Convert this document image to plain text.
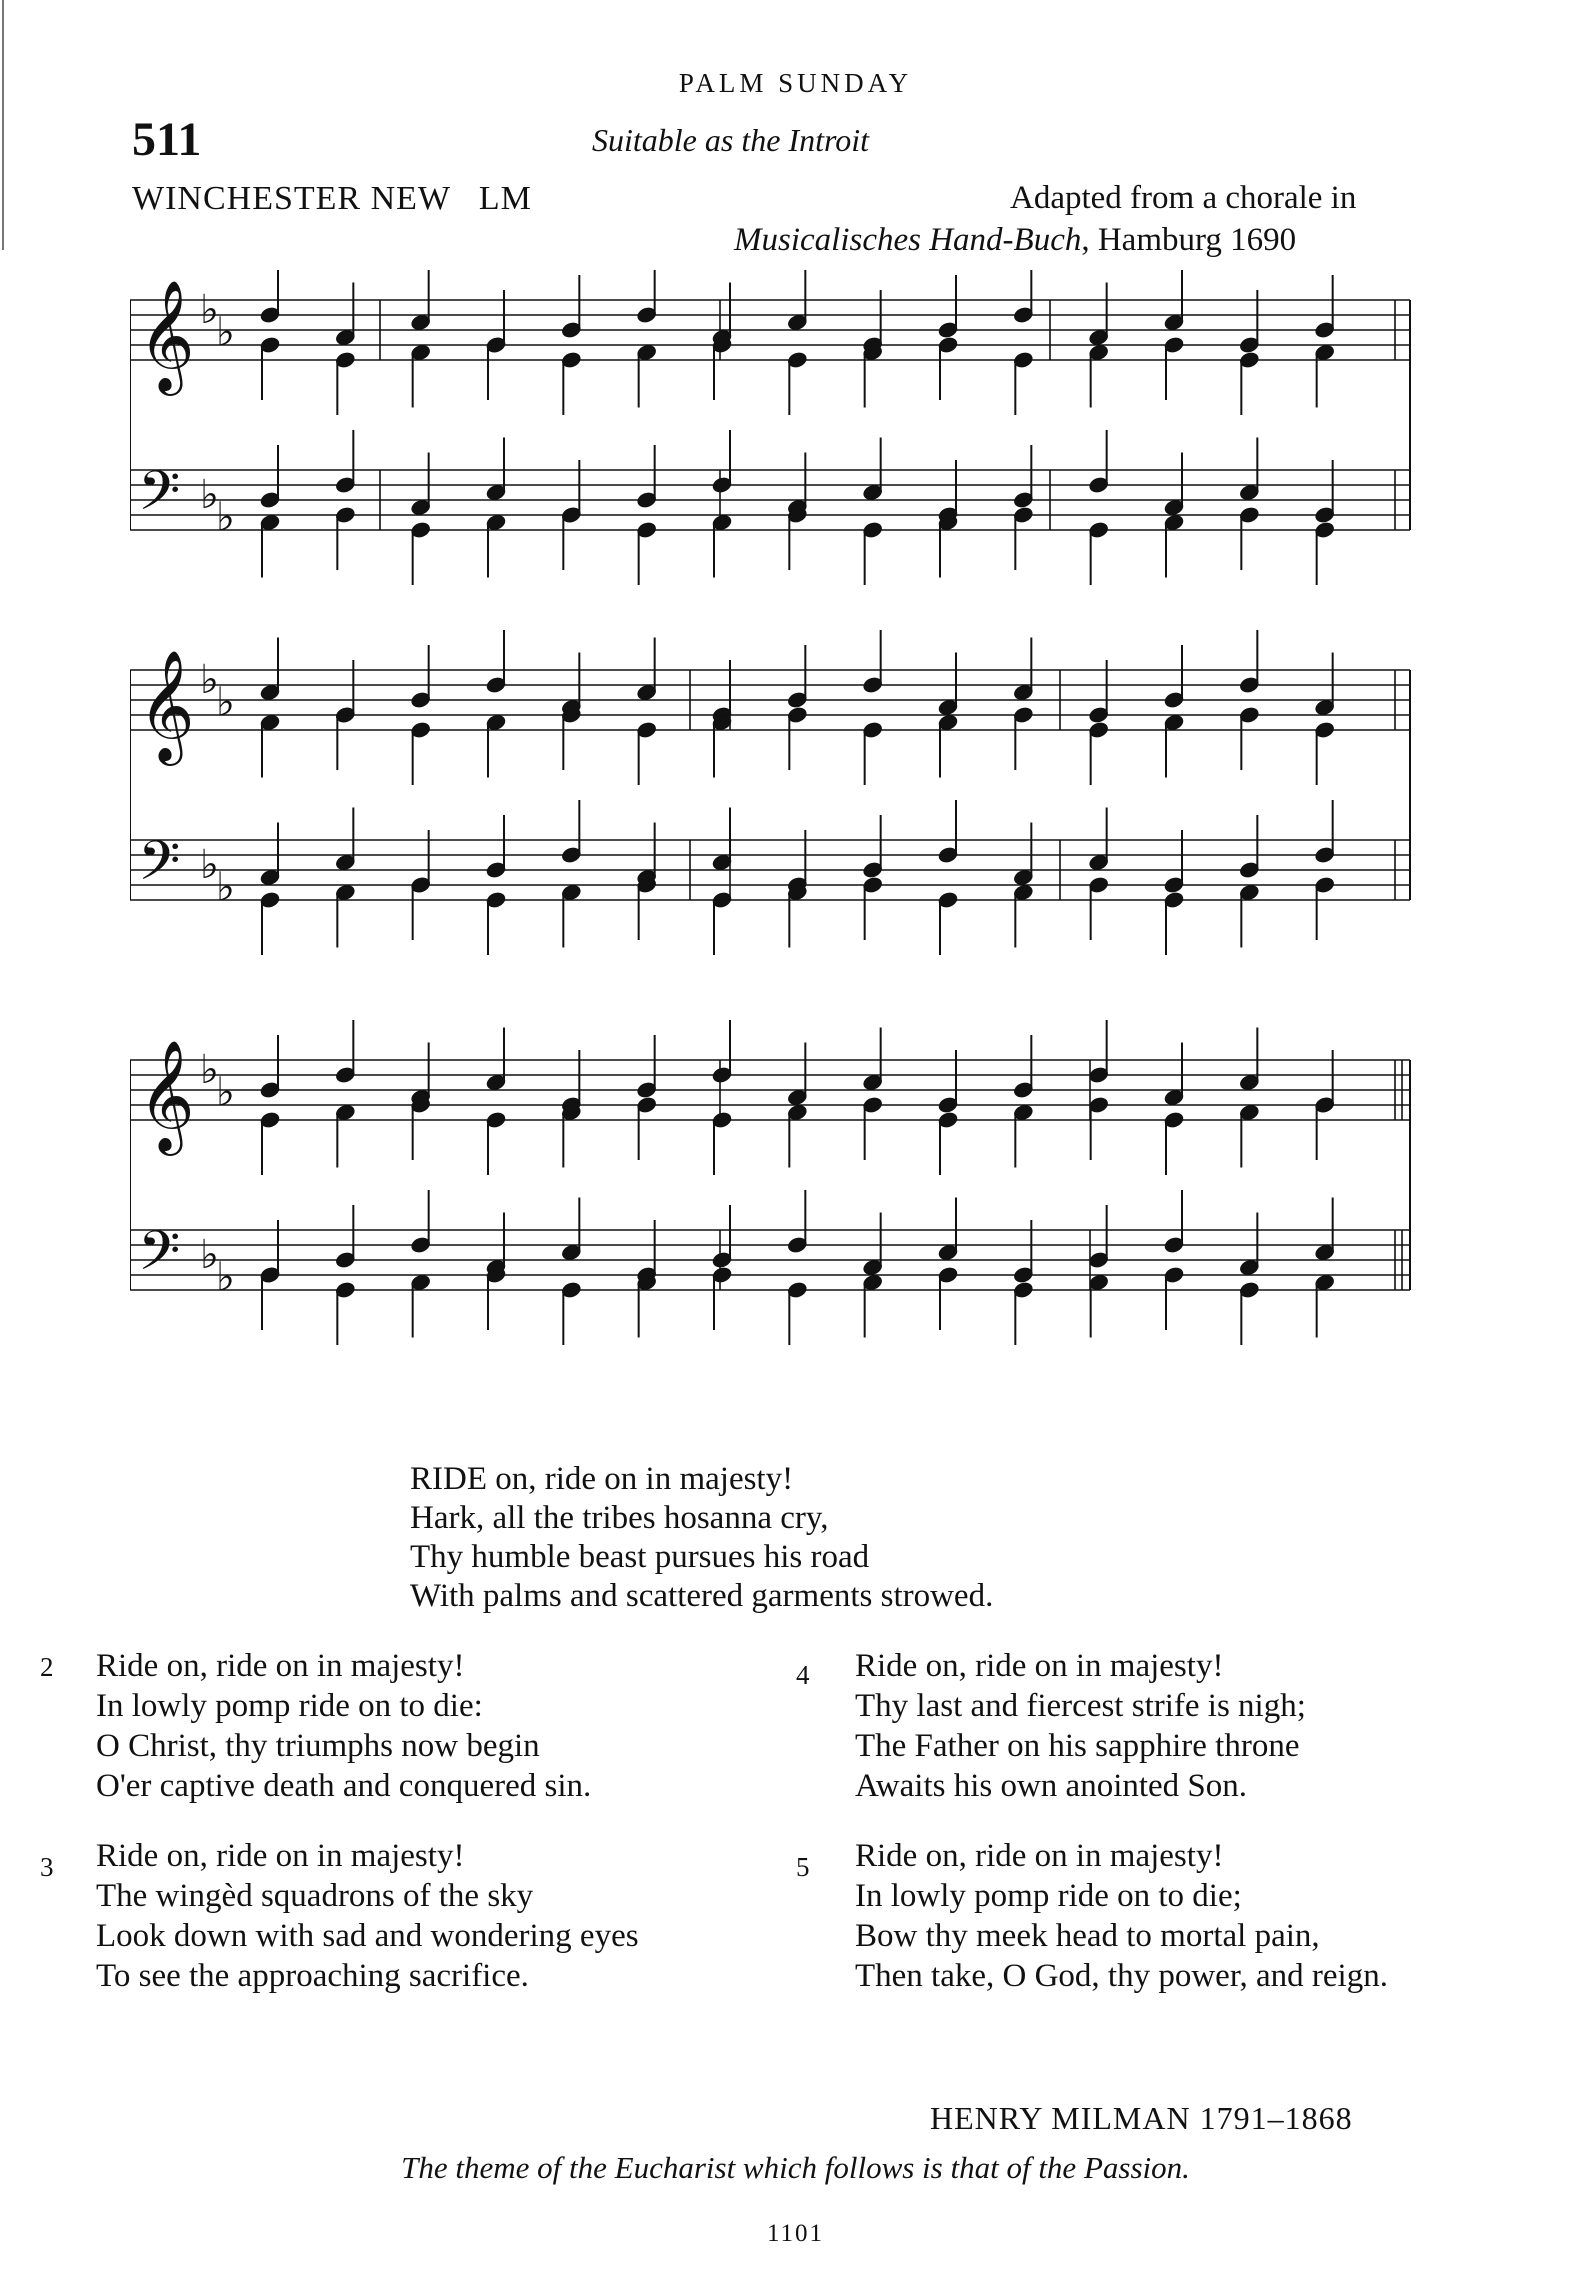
PALM SUNDAY
511	Suitable as the Introit
WINCHESTER NEW   LM	Adapted from a chorale in
Musicalisches Hand-Buch, Hamburg 1690
𝄞 ♭
♭
𝄢 ♭
♭
𝄞 ♭
♭
𝄢 ♭
♭
𝄞 ♭
♭
𝄢 ♭
♭
RIDE on, ride on in majesty!
Hark, all the tribes hosanna cry,
Thy humble beast pursues his road
With palms and scattered garments strowed.
2 Ride on, ride on in majesty!
In lowly pomp ride on to die:
O Christ, thy triumphs now begin
O'er captive death and conquered sin.
4 Ride on, ride on in majesty!
Thy last and fiercest strife is nigh;
The Father on his sapphire throne
Awaits his own anointed Son.
3 Ride on, ride on in majesty!
The wingèd squadrons of the sky
Look down with sad and wondering eyes
To see the approaching sacrifice.
5 Ride on, ride on in majesty!
In lowly pomp ride on to die;
Bow thy meek head to mortal pain,
Then take, O God, thy power, and reign.
HENRY MILMAN 1791–1868
The theme of the Eucharist which follows is that of the Passion.
1101
